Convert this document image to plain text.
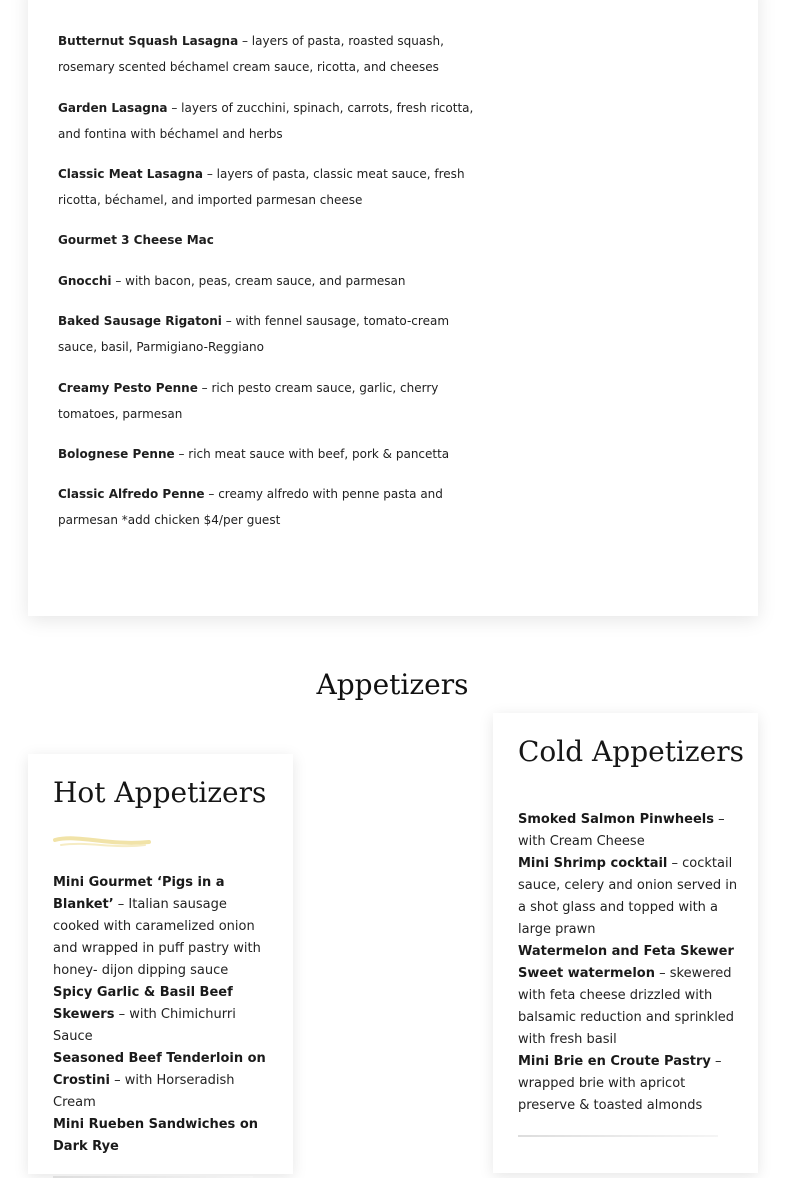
Butternut Squash Lasagna – layers of pasta, roasted squash, rosemary scented béchamel cream sauce, ricotta, and cheeses

Garden Lasagna – layers of zucchini, spinach, carrots, fresh ricotta, and fontina with béchamel and herbs

Classic Meat Lasagna – layers of pasta, classic meat sauce, fresh ricotta, béchamel, and imported parmesan cheese

Gourmet 3 Cheese Mac

Gnocchi – with bacon, peas, cream sauce, and parmesan

Baked Sausage Rigatoni – with fennel sausage, tomato-cream sauce, basil, Parmigiano-Reggiano

Creamy Pesto Penne – rich pesto cream sauce, garlic, cherry tomatoes, parmesan

Bolognese Penne – rich meat sauce with beef, pork & pancetta

Classic Alfredo Penne – creamy alfredo with penne pasta and parmesan *add chicken $4/per guest

Appetizers
Hot Appetizers
Mini Gourmet ‘Pigs in a Blanket’ – Italian sausage cooked with caramelized onion and wrapped in puff pastry with honey- dijon dipping sauce
Spicy Garlic & Basil Beef Skewers – with Chimichurri Sauce
Seasoned Beef Tenderloin on Crostini – with Horseradish Cream
Mini Rueben Sandwiches on Dark Rye
Cold Appetizers
Smoked Salmon Pinwheels – with Cream Cheese
Mini Shrimp cocktail – cocktail sauce, celery and onion served in a shot glass and topped with a large prawn
Watermelon and Feta Skewer Sweet watermelon – skewered with feta cheese drizzled with balsamic reduction and sprinkled with fresh basil
Mini Brie en Croute Pastry – wrapped brie with apricot preserve & toasted almonds
